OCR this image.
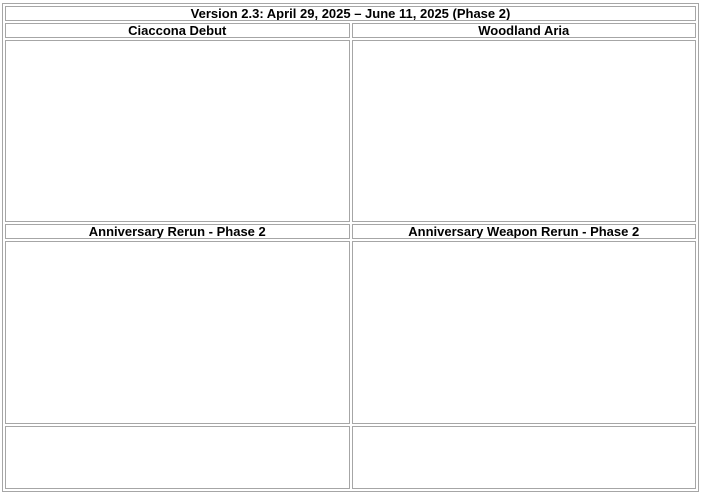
Version 2.3: April 29, 2025 – June 11, 2025 (Phase 2)	
Ciaccona Debut	Woodland Aria

Anniversary Rerun - Phase 2	Anniversary Weapon Rerun - Phase 2
